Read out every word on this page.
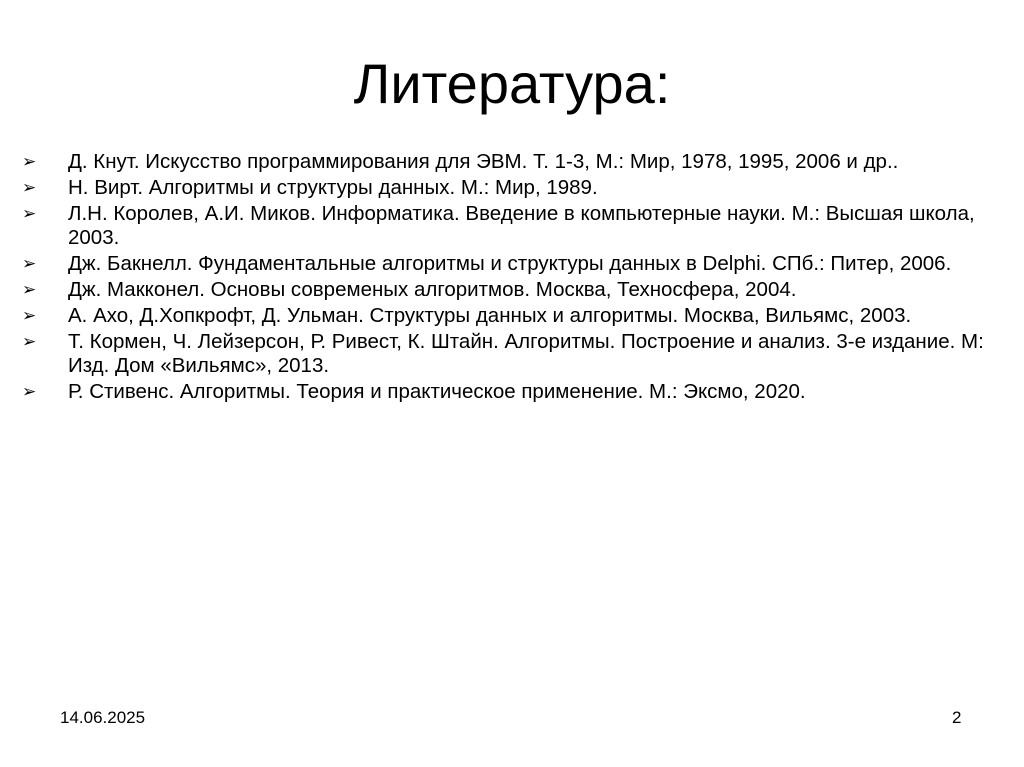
Литература:
➢ Д. Кнут. Искусство программирования для ЭВМ. Т. 1-3, М.: Мир, 1978, 1995, 2006 и др..
➢ Н. Вирт. Алгоритмы и структуры данных. М.: Мир, 1989.
➢ Л.Н. Королев, А.И. Миков. Информатика. Введение в компьютерные науки. М.: Высшая школа, 2003.
➢ Дж. Бакнелл. Фундаментальные алгоритмы и структуры данных в Delphi. СПб.: Питер, 2006.
➢ Дж. Макконел. Основы современых алгоритмов. Москва, Техносфера, 2004.
➢ А. Ахо, Д.Хопкрофт, Д. Ульман. Структуры данных и алгоритмы. Москва, Вильямс, 2003.
➢ Т. Кормен, Ч. Лейзерсон, Р. Ривест, К. Штайн. Алгоритмы. Построение и анализ. 3-е издание. М: Изд. Дом «Вильямс», 2013.
➢ Р. Стивенс. Алгоритмы. Теория и практическое применение. М.: Эксмо, 2020.
14.06.2025	2
